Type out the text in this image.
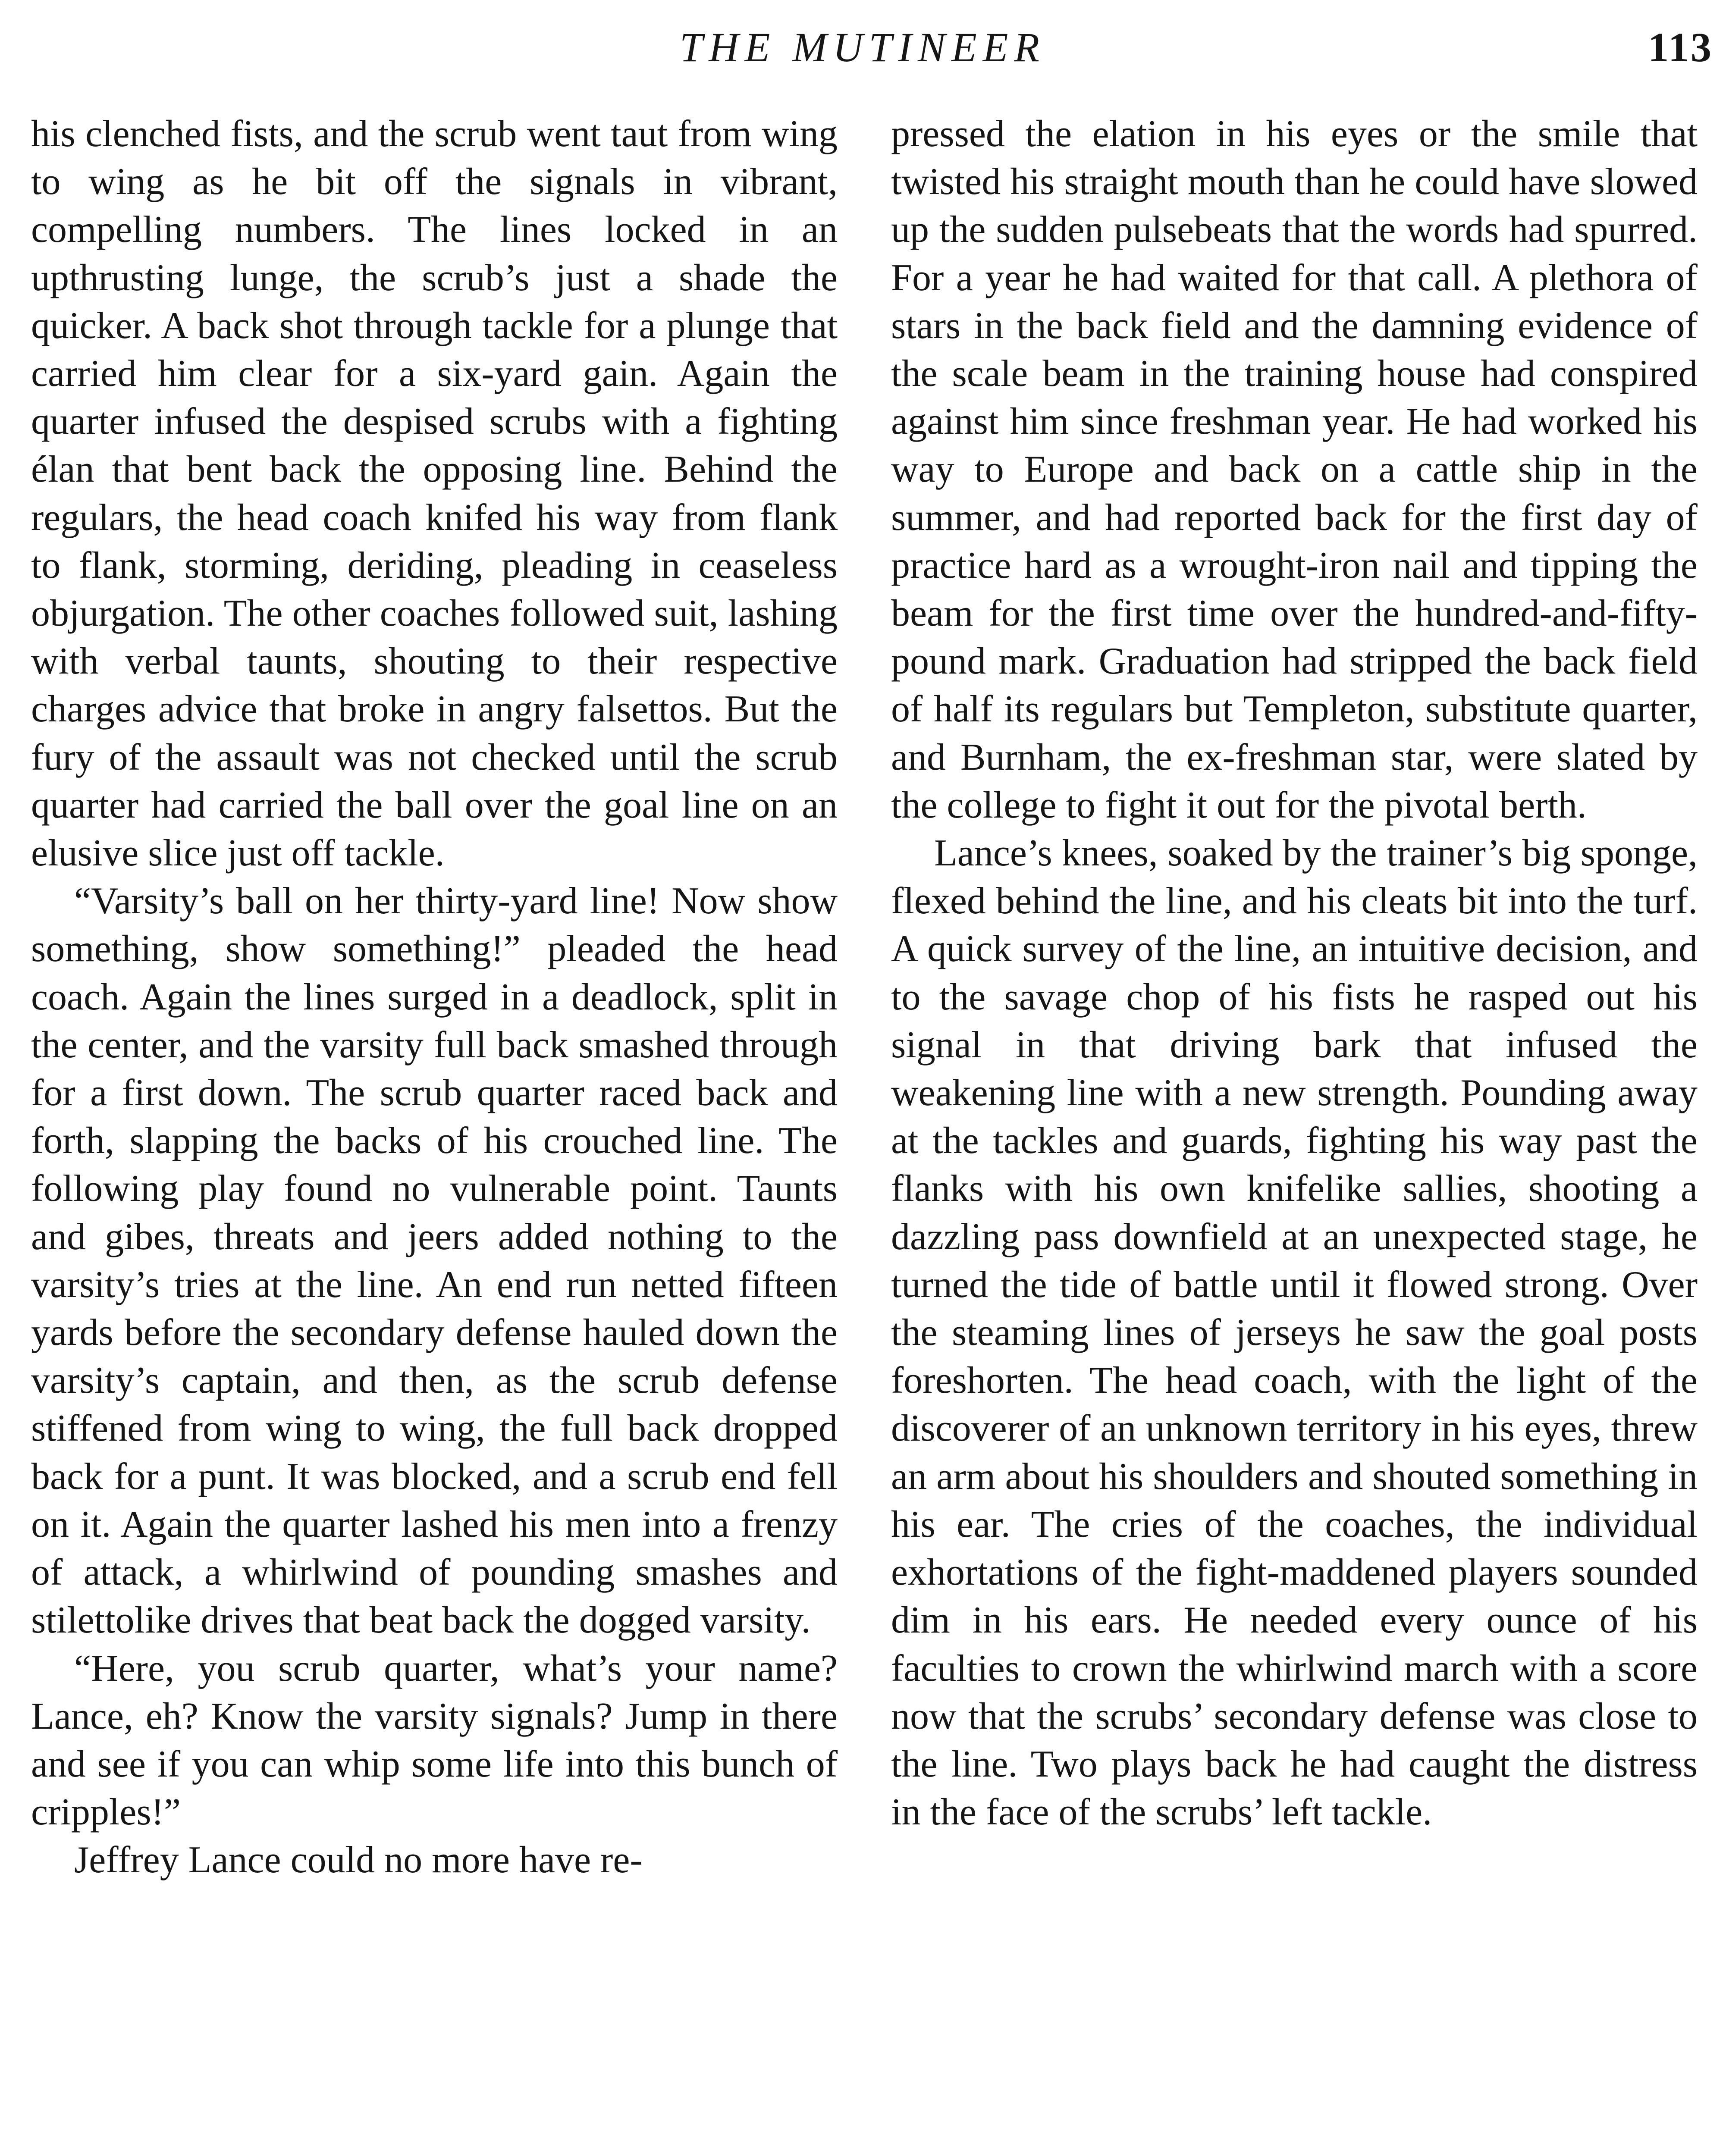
THE MUTINEER	113

his clenched fists, and the scrub went taut from wing to wing as he bit off the signals in vibrant, compelling numbers. The lines locked in an upthrusting lunge, the scrub’s just a shade the quicker. A back shot through tackle for a plunge that carried him clear for a six-yard gain. Again the quarter infused the despised scrubs with a fighting élan that bent back the opposing line. Behind the regulars, the head coach knifed his way from flank to flank, storming, deriding, pleading in ceaseless objurgation. The other coaches followed suit, lashing with verbal taunts, shouting to their respective charges advice that broke in angry falsettos. But the fury of the assault was not checked until the scrub quarter had carried the ball over the goal line on an elusive slice just off tackle.

“Varsity’s ball on her thirty-yard line! Now show something, show something!” pleaded the head coach. Again the lines surged in a deadlock, split in the center, and the varsity full back smashed through for a first down. The scrub quarter raced back and forth, slapping the backs of his crouched line. The following play found no vulnerable point. Taunts and gibes, threats and jeers added nothing to the varsity’s tries at the line. An end run netted fifteen yards before the secondary defense hauled down the varsity’s captain, and then, as the scrub defense stiffened from wing to wing, the full back dropped back for a punt. It was blocked, and a scrub end fell on it. Again the quarter lashed his men into a frenzy of attack, a whirlwind of pounding smashes and stilettolike drives that beat back the dogged varsity.

“Here, you scrub quarter, what’s your name? Lance, eh? Know the varsity signals? Jump in there and see if you can whip some life into this bunch of cripples!”

Jeffrey Lance could no more have re-

pressed the elation in his eyes or the smile that twisted his straight mouth than he could have slowed up the sudden pulsebeats that the words had spurred. For a year he had waited for that call. A plethora of stars in the back field and the damning evidence of the scale beam in the training house had conspired against him since freshman year. He had worked his way to Europe and back on a cattle ship in the summer, and had reported back for the first day of practice hard as a wrought-iron nail and tipping the beam for the first time over the hundred-and-fifty-pound mark. Graduation had stripped the back field of half its regulars but Templeton, substitute quarter, and Burnham, the ex-freshman star, were slated by the college to fight it out for the pivotal berth.

Lance’s knees, soaked by the trainer’s big sponge, flexed behind the line, and his cleats bit into the turf. A quick survey of the line, an intuitive decision, and to the savage chop of his fists he rasped out his signal in that driving bark that infused the weakening line with a new strength. Pounding away at the tackles and guards, fighting his way past the flanks with his own knifelike sallies, shooting a dazzling pass downfield at an unexpected stage, he turned the tide of battle until it flowed strong. Over the steaming lines of jerseys he saw the goal posts foreshorten. The head coach, with the light of the discoverer of an unknown territory in his eyes, threw an arm about his shoulders and shouted something in his ear. The cries of the coaches, the individual exhortations of the fight-maddened players sounded dim in his ears. He needed every ounce of his faculties to crown the whirlwind march with a score now that the scrubs’ secondary defense was close to the line. Two plays back he had caught the distress in the face of the scrubs’ left tackle.
